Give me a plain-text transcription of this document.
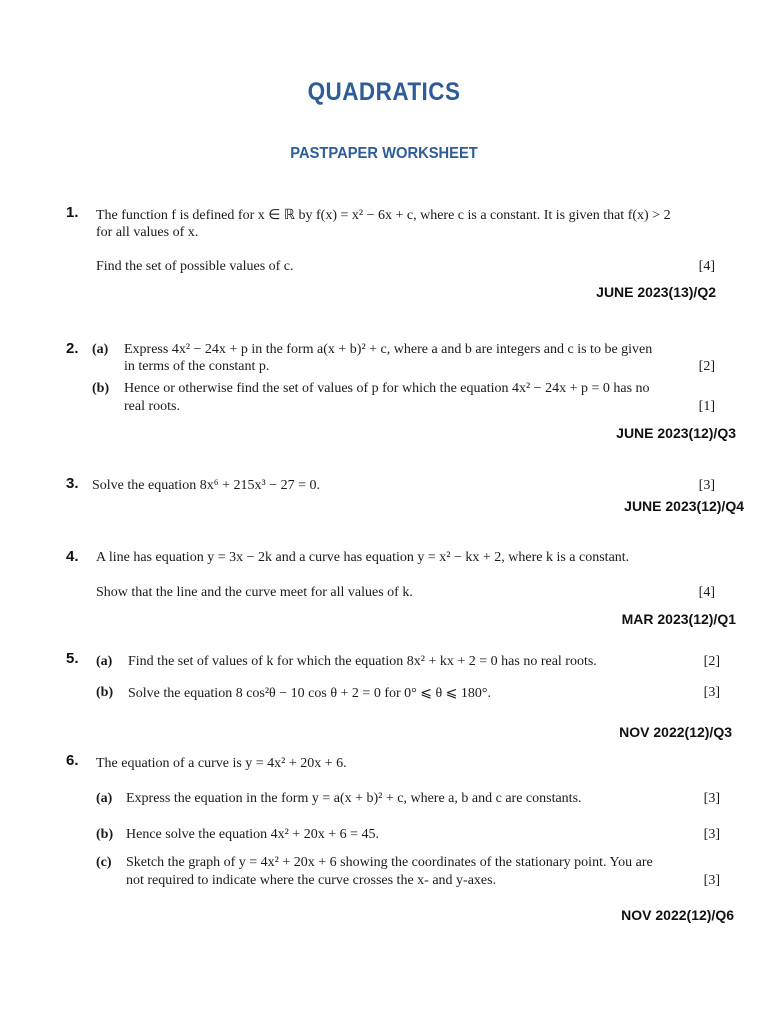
QUADRATICS
PASTPAPER WORKSHEET
1. The function f is defined for x ∈ ℝ by f(x) = x² − 6x + c, where c is a constant. It is given that f(x) > 2
for all values of x.
Find the set of possible values of c.	[4]
JUNE 2023(13)/Q2
2. (a) Express 4x² − 24x + p in the form a(x + b)² + c, where a and b are integers and c is to be given
in terms of the constant p.	[2]
(b) Hence or otherwise find the set of values of p for which the equation 4x² − 24x + p = 0 has no
real roots.	[1]
JUNE 2023(12)/Q3
3. Solve the equation 8x⁶ + 215x³ − 27 = 0.	[3]
JUNE 2023(12)/Q4
4. A line has equation y = 3x − 2k and a curve has equation y = x² − kx + 2, where k is a constant.
Show that the line and the curve meet for all values of k.	[4]
MAR 2023(12)/Q1
5. (a) Find the set of values of k for which the equation 8x² + kx + 2 = 0 has no real roots.	[2]
(b) Solve the equation 8 cos²θ − 10 cos θ + 2 = 0 for 0° ⩽ θ ⩽ 180°.	[3]
NOV 2022(12)/Q3
6. The equation of a curve is y = 4x² + 20x + 6.
(a) Express the equation in the form y = a(x + b)² + c, where a, b and c are constants.	[3]
(b) Hence solve the equation 4x² + 20x + 6 = 45.	[3]
(c) Sketch the graph of y = 4x² + 20x + 6 showing the coordinates of the stationary point. You are
not required to indicate where the curve crosses the x- and y-axes.	[3]
NOV 2022(12)/Q6
